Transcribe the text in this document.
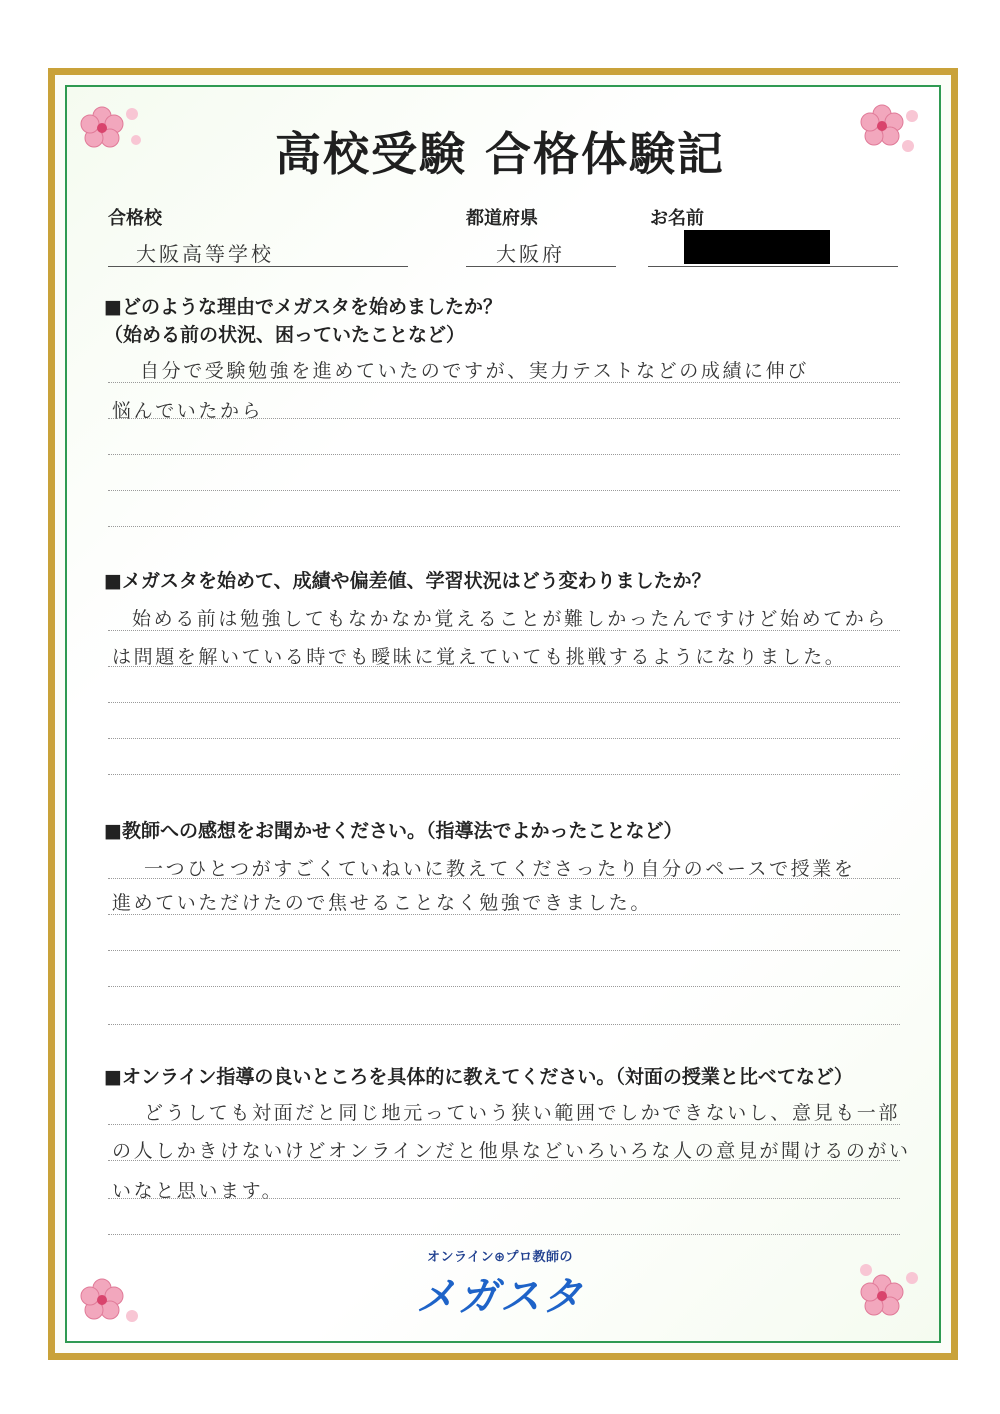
高校受験 合格体験記
合格校
大阪高等学校
都道府県
大阪府
お名前
■どのような理由でメガスタを始めましたか？
（始める前の状況、困っていたことなど）
自分で受験勉強を進めていたのですが、実力テストなどの成績に伸び
悩んでいたから
■メガスタを始めて、成績や偏差値、学習状況はどう変わりましたか？
始める前は勉強してもなかなか覚えることが難しかったんですけど始めてから
は問題を解いている時でも曖昧に覚えていても挑戦するようになりました。
■教師への感想をお聞かせください。（指導法でよかったことなど）
一つひとつがすごくていねいに教えてくださったり自分のペースで授業を
進めていただけたので焦せることなく勉強できました。
■オンライン指導の良いところを具体的に教えてください。（対面の授業と比べてなど）
どうしても対面だと同じ地元っていう狭い範囲でしかできないし、意見も一部
の人しかきけないけどオンラインだと他県などいろいろな人の意見が聞けるのがい
いなと思います。
オンライン⊕プロ教師の
メガスタ
